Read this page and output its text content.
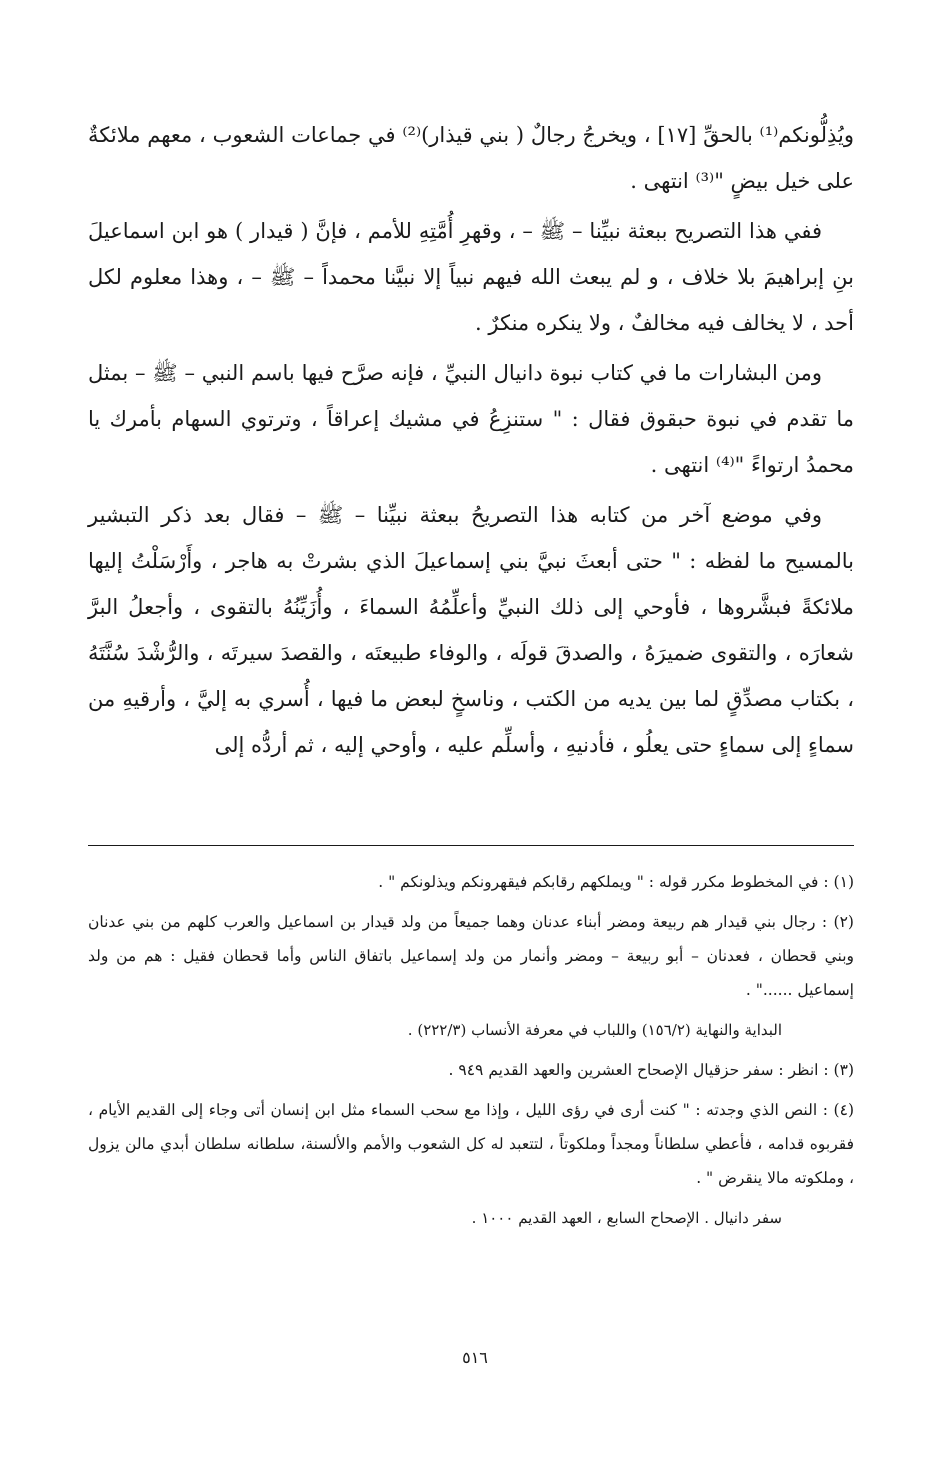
ويُذِلُّونكم⁽¹⁾ بالحقِّ [١٧] ، ويخرجُ رجالٌ ( بني قيذار)⁽²⁾ في جماعات الشعوب ، معهم ملائكةٌ على خيل بيضٍ "⁽³⁾ انتهى .

ففي هذا التصريح ببعثة نبيِّنا – ﷺ – ، وقهرِ أُمَّتِهِ للأمم ، فإنَّ ( قيدار ) هو ابن اسماعيلَ بنِ إبراهيمَ بلا خلاف ، و لم يبعث الله فيهم نبياً إلا نبيَّنا محمداً – ﷺ – ، وهذا معلوم لكل أحد ، لا يخالف فيه مخالفٌ ، ولا ينكره منكرٌ .

ومن البشارات ما في كتاب نبوة دانيال النبيِّ ، فإنه صرَّح فيها باسم النبي – ﷺ – بمثل ما تقدم في نبوة حبقوق فقال : " ستنزِعُ في مشيك إعراقاً ، وترتوي السهام بأمرك يا محمدُ ارتواءً "⁽⁴⁾ انتهى .

وفي موضع آخر من كتابه هذا التصريحُ ببعثة نبيِّنا – ﷺ – فقال بعد ذكر التبشير بالمسيح ما لفظه : " حتى أبعثَ نبيَّ بني إسماعيلَ الذي بشرتْ به هاجر ، وأَرْسَلْتُ إليها ملائكةً فبشَّروها ، فأوحي إلى ذلك النبيِّ وأعلِّمُهُ السماءَ ، وأُزَيِّنُهُ بالتقوى ، وأجعلُ البرَّ شعارَه ، والتقوى ضميرَهُ ، والصدقَ قولَه ، والوفاء طبيعتَه ، والقصدَ سيرتَه ، والرُّشْدَ سُنَّتَهُ ، بكتاب مصدِّقٍ لما بين يديه من الكتب ، وناسخٍ لبعض ما فيها ، أُسري به إليَّ ، وأرقيهِ من سماءٍ إلى سماءٍ حتى يعلُو ، فأدنيهِ ، وأسلِّم عليه ، وأوحي إليه ، ثم أردُّه إلى

(١) : في المخطوط مكرر قوله : " ويملكهم رقابكم فيقهرونكم ويذلونكم " .

(٢) : رجال بني قيدار هم ربيعة ومضر أبناء عدنان وهما جميعاً من ولد قيدار بن اسماعيل والعرب كلهم من بني عدنان وبني قحطان ، فعدنان – أبو ربيعة – ومضر وأنمار من ولد إسماعيل باتفاق الناس وأما قحطان فقيل : هم من ولد إسماعيل ......" .

البداية والنهاية (١٥٦/٢) واللباب في معرفة الأنساب (٢٢٢/٣) .

(٣) : انظر : سفر حزقيال الإصحاح العشرين والعهد القديم ٩٤٩ .

(٤) : النص الذي وجدته : " كنت أرى في رؤى الليل ، وإذا مع سحب السماء مثل ابن إنسان أتى وجاء إلى القديم الأيام ، فقربوه قدامه ، فأعطي سلطاناً ومجداً وملكوتاً ، لتتعبد له كل الشعوب والأمم والألسنة، سلطانه سلطان أبدي مالن يزول ، وملكوته مالا ينقرض " .

سفر دانيال . الإصحاح السابع ، العهد القديم ١٠٠٠ .

٥١٦
